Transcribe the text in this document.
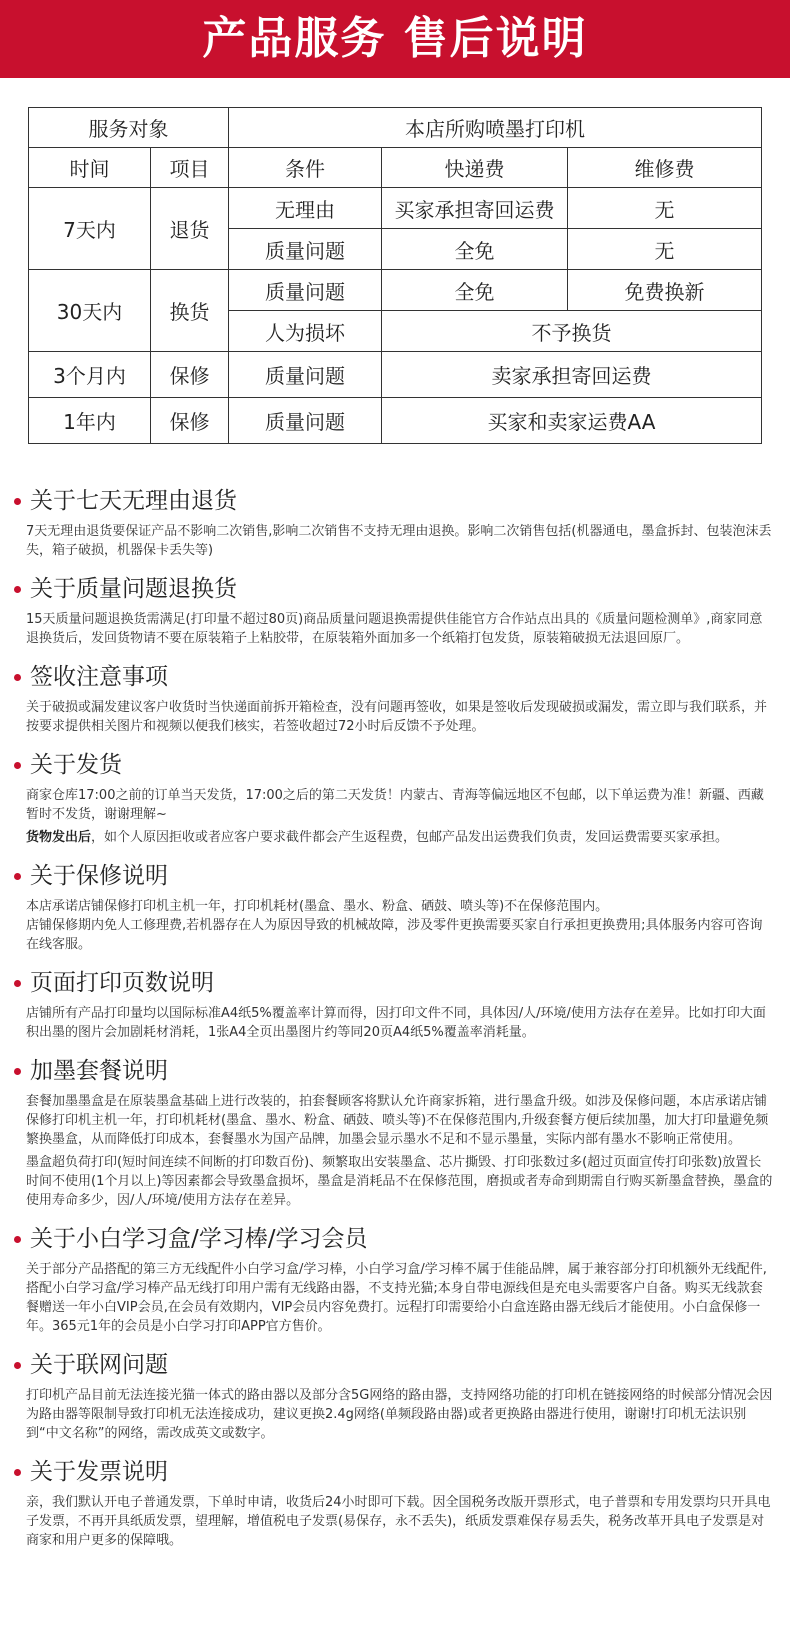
产品服务 售后说明
服务对象		本店所购喷墨打印机		
时间	项目	条件	快递费	维修费
7天内	退货	无理由	买家承担寄回运费	无
		质量问题	全免	无
30天内	换货	质量问题	全免	免费换新
		人为损坏	不予换货	
3个月内	保修	质量问题	卖家承担寄回运费	
1年内	保修	质量问题	买家和卖家运费AA	
关于七天无理由退货

7天无理由退货要保证产品不影响二次销售,影响二次销售不支持无理由退换。影响二次销售包括(机器通电，墨盒拆封、包装泡沫丢失，箱子破损，机器保卡丢失等)

关于质量问题退换货

15天质量问题退换货需满足(打印量不超过80页)商品质量问题退换需提供佳能官方合作站点出具的《质量问题检测单》,商家同意退换货后，发回货物请不要在原装箱子上粘胶带，在原装箱外面加多一个纸箱打包发货，原装箱破损无法退回原厂。

签收注意事项

关于破损或漏发建议客户收货时当快递面前拆开箱检查，没有问题再签收，如果是签收后发现破损或漏发，需立即与我们联系，并按要求提供相关图片和视频以便我们核实，若签收超过72小时后反馈不予处理。

关于发货

商家仓库17:00之前的订单当天发货，17:00之后的第二天发货！内蒙古、青海等偏远地区不包邮，以下单运费为准！新疆、西藏暂时不发货，谢谢理解~

货物发出后，如个人原因拒收或者应客户要求截件都会产生返程费，包邮产品发出运费我们负责，发回运费需要买家承担。

关于保修说明

本店承诺店铺保修打印机主机一年，打印机耗材(墨盒、墨水、粉盒、硒鼓、喷头等)不在保修范围内。

店铺保修期内免人工修理费,若机器存在人为原因导致的机械故障，涉及零件更换需要买家自行承担更换费用;具体服务内容可咨询在线客服。

页面打印页数说明

店铺所有产品打印量均以国际标准A4纸5%覆盖率计算而得，因打印文件不同，具体因/人/环境/使用方法存在差异。比如打印大面积出墨的图片会加剧耗材消耗，1张A4全页出墨图片约等同20页A4纸5%覆盖率消耗量。

加墨套餐说明

套餐加墨墨盒是在原装墨盒基础上进行改装的，拍套餐顾客将默认允许商家拆箱，进行墨盒升级。如涉及保修问题，本店承诺店铺保修打印机主机一年，打印机耗材(墨盒、墨水、粉盒、硒鼓、喷头等)不在保修范围内,升级套餐方便后续加墨，加大打印量避免频繁换墨盒，从而降低打印成本，套餐墨水为国产品牌，加墨会显示墨水不足和不显示墨量，实际内部有墨水不影响正常使用。

墨盒超负荷打印(短时间连续不间断的打印数百份)、频繁取出安装墨盒、芯片撕毁、打印张数过多(超过页面宣传打印张数)放置长时间不使用(1个月以上)等因素都会导致墨盒损坏，墨盒是消耗品不在保修范围，磨损或者寿命到期需自行购买新墨盒替换，墨盒的使用寿命多少，因/人/环境/使用方法存在差异。

关于小白学习盒/学习棒/学习会员

关于部分产品搭配的第三方无线配件小白学习盒/学习棒，小白学习盒/学习棒不属于佳能品牌，属于兼容部分打印机额外无线配件,搭配小白学习盒/学习棒产品无线打印用户需有无线路由器，不支持光猫;本身自带电源线但是充电头需要客户自备。购买无线款套餐赠送一年小白VIP会员,在会员有效期内，VIP会员内容免费打。远程打印需要给小白盒连路由器无线后才能使用。小白盒保修一年。365元1年的会员是小白学习打印APP官方售价。

关于联网问题

打印机产品目前无法连接光猫一体式的路由器以及部分含5G网络的路由器，支持网络功能的打印机在链接网络的时候部分情况会因为路由器等限制导致打印机无法连接成功，建议更换2.4g网络(单频段路由器)或者更换路由器进行使用，谢谢!打印机无法识别到“中文名称”的网络，需改成英文或数字。

关于发票说明

亲，我们默认开电子普通发票，下单时申请，收货后24小时即可下载。因全国税务改版开票形式，电子普票和专用发票均只开具电子发票，不再开具纸质发票，望理解，增值税电子发票(易保存，永不丢失)，纸质发票难保存易丢失，税务改革开具电子发票是对商家和用户更多的保障哦。
